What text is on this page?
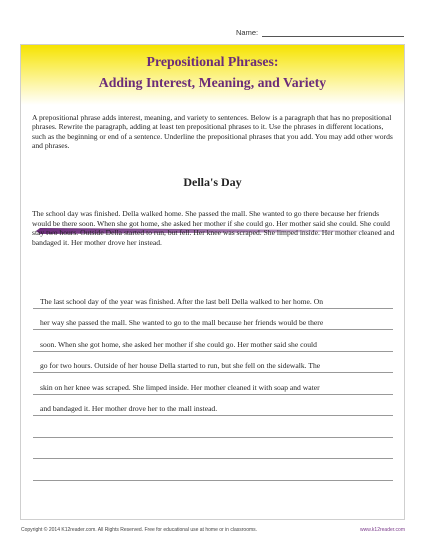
Name:
Prepositional Phrases:
Adding Interest, Meaning, and Variety
A prepositional phrase adds interest, meaning, and variety to sentences. Below is a paragraph that has no prepositional phrases. Rewrite the paragraph, adding at least ten prepositional phrases to it. Use the phrases in different locations, such as the beginning or end of a sentence. Underline the prepositional phrases that you add. You may add other words and phrases.
Della's Day
The school day was finished. Della walked home. She passed the mall. She wanted to go there because her friends would be there soon. When she got home, she asked her mother if she could go. Her mother said she could. She could stay two hours. Outside Della started to run, but fell. Her knee was scraped. She limped inside. Her mother cleaned and bandaged it. Her mother drove her instead.
The last school day of the year was finished. After the last bell Della walked to her home. On
her way she passed the mall. She wanted to go to the mall because her friends would be there
soon. When she got home, she asked her mother if she could go. Her mother said she could
go for two hours. Outside of her house Della started to run, but she fell on the sidewalk. The
skin on her knee was scraped. She limped inside. Her mother cleaned it with soap and water
and bandaged it. Her mother drove her to the mall instead.
Copyright © 2014 K12reader.com. All Rights Reserved. Free for educational use at home or in classrooms.	www.k12reader.com
